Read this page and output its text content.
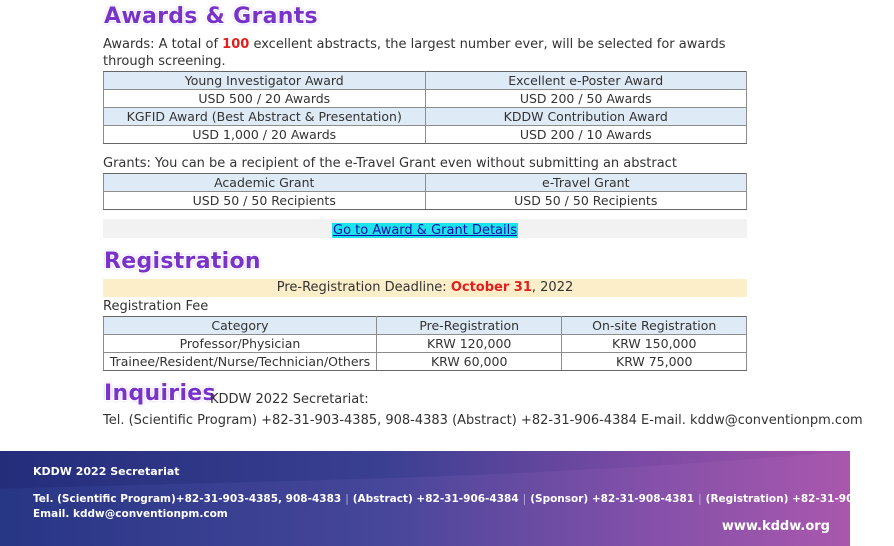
Awards & Grants
Awards: A total of 100 excellent abstracts, the largest number ever, will be selected for awards through screening.
Young Investigator Award	Excellent e-Poster Award
USD 500 / 20 Awards	USD 200 / 50 Awards
KGFID Award (Best Abstract & Presentation)	KDDW Contribution Award
USD 1,000 / 20 Awards	USD 200 / 10 Awards
Grants: You can be a recipient of the e-Travel Grant even without submitting an abstract
Academic Grant	e-Travel Grant
USD 50 / 50 Recipients	USD 50 / 50 Recipients
Go to Award & Grant Details
Registration
Pre-Registration Deadline: October 31, 2022
Registration Fee
Category	Pre-Registration	On-site Registration
Professor/Physician	KRW 120,000	KRW 150,000
Trainee/Resident/Nurse/Technician/Others	KRW 60,000	KRW 75,000
Inquiries
KDDW 2022 Secretariat:
Tel. (Scientific Program) +82-31-903-4385, 908-4383 (Abstract) +82-31-906-4384 E-mail. kddw@conventionpm.com
KDDW 2022 Secretariat
Tel. (Scientific Program)+82-31-903-4385, 908-4383 | (Abstract) +82-31-906-4384 | (Sponsor) +82-31-908-4381 | (Registration) +82-31-906-4388
Email. kddw@conventionpm.com
www.kddw.org
